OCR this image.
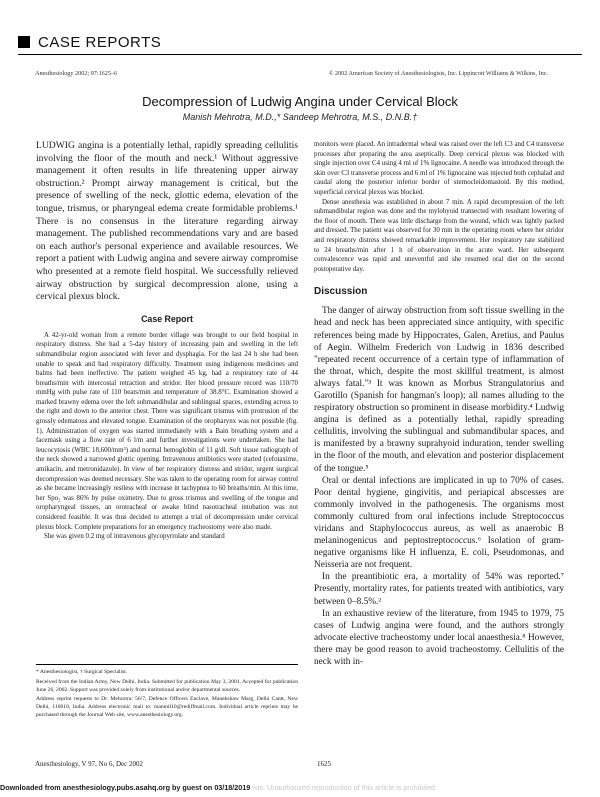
CASE REPORTS
Anesthesiology 2002; 97:1625–6	© 2002 American Society of Anesthesiologists, Inc. Lippincott Williams & Wilkins, Inc.
Decompression of Ludwig Angina under Cervical Block
Manish Mehrotra, M.D.,* Sandeep Mehrotra, M.S., D.N.B.†

LUDWIG angina is a potentially lethal, rapidly spreading cellulitis involving the floor of the mouth and neck.¹ Without aggressive management it often results in life threatening upper airway obstruction.² Prompt airway management is critical, but the presence of swelling of the neck, glottic edema, elevation of the tongue, trismus, or pharyngeal edema create formidable problems.¹ There is no consensus in the literature regarding airway management. The published recommendations vary and are based on each author's personal experience and available resources. We report a patient with Ludwig angina and severe airway compromise who presented at a remote field hospital. We successfully relieved airway obstruction by surgical decompression alone, using a cervical plexus block.

Case Report

A 42-yr-old woman from a remote border village was brought to our field hospital in respiratory distress. She had a 5-day history of increasing pain and swelling in the left submandibular region associated with fever and dysphagia. For the last 24 h she had been unable to speak and had respiratory difficulty. Treatment using indigenous medicines and balms had been ineffective. The patient weighed 45 kg, had a respiratory rate of 44 breaths/min with intercostal retraction and stridor. Her blood pressure record was 110/70 mmHg with pulse rate of 110 beats/min and temperature of 38.8°C. Examination showed a marked brawny edema over the left submandibular and sublingual spaces, extending across to the right and down to the anterior chest. There was significant trismus with protrusion of the grossly edematous and elevated tongue. Examination of the oropharynx was not possible (fig. 1). Administration of oxygen was started immediately with a Bain breathing system and a facemask using a flow rate of 6 l/m and further investigations were undertaken. She had leucocytosis (WBC 18,600/mm³) and normal hemoglobin of 11 g/dl. Soft tissue radiograph of the neck showed a narrowed glottic opening. Intravenous antibiotics were started (cefotaxime, amikacin, and metronidazole). In view of her respiratory distress and stridor, urgent surgical decompression was deemed necessary. She was taken to the operating room for airway control as she became increasingly restless with increase in tachypnea to 60 breaths/min. At this time, her Spo₂ was 86% by pulse oximetry. Due to gross trismus and swelling of the tongue and oropharyngeal tissues, an orotracheal or awake blind nasotracheal intubation was not considered feasible. It was thus decided to attempt a trial of decompression under cervical plexus block. Complete preparations for an emergency tracheostomy were also made.

She was given 0.2 mg of intravenous glycopyrrolate and standard

monitors were placed. An intradermal wheal was raised over the left C3 and C4 transverse processes after preparing the area aseptically. Deep cervical plexus was blocked with single injection over C4 using 4 ml of 1% lignocaine. A needle was introduced through the skin over C3 transverse process and 6 ml of 1% lignocaine was injected both cephalad and caudal along the posterior inferior border of sternocleidomastoid. By this method, superficial cervical plexus was blocked.

Dense anesthesia was established in about 7 min. A rapid decompression of the left submandibular region was done and the mylohyoid transected with resultant lowering of the floor of mouth. There was little discharge from the wound, which was lightly packed and dressed. The patient was observed for 30 min in the operating room where her stridor and respiratory distress showed remarkable improvement. Her respiratory rate stabilized to 24 breaths/min after 1 h of observation in the acute ward. Her subsequent convalescence was rapid and uneventful and she resumed oral diet on the second postoperative day.

Discussion

The danger of airway obstruction from soft tissue swelling in the head and neck has been appreciated since antiquity, with specific references being made by Hippocrates, Galen, Aretius, and Paulus of Aegin. Wilhelm Frederich von Ludwig in 1836 described "repeated recent occurrence of a certain type of inflammation of the throat, which, despite the most skillful treatment, is almost always fatal."³ It was known as Morbus Strangulatorius and Garotillo (Spanish for hangman's loop); all names alluding to the respiratory obstruction so prominent in disease morbidity.⁴ Ludwig angina is defined as a potentially lethal, rapidly spreading cellulitis, involving the sublingual and submandibular spaces, and is manifested by a brawny suprahyoid induration, tender swelling in the floor of the mouth, and elevation and posterior displacement of the tongue.⁵

Oral or dental infections are implicated in up to 70% of cases. Poor dental hygiene, gingivitis, and periapical abscesses are commonly involved in the pathogenesis. The organisms most commonly cultured from oral infections include Streptococcus viridans and Staphylococcus aureus, as well as anaerobic B melaninogenicus and peptostreptococcus.⁶ Isolation of gram-negative organisms like H influenza, E. coli, Pseudomonas, and Neisseria are not frequent.

In the preantibiotic era, a mortality of 54% was reported.⁷ Presently, mortality rates, for patients treated with antibiotics, vary between 0–8.5%.²

In an exhaustive review of the literature, from 1945 to 1979, 75 cases of Ludwig angina were found, and the authors strongly advocate elective tracheostomy under local anaesthesia.⁸ However, there may be good reason to avoid tracheostomy. Cellulitis of the neck with in-

* Anesthesiologist, † Surgical Specialist.

Received from the Indian Army, New Delhi, India. Submitted for publication May 3, 2001. Accepted for publication June 26, 2002. Support was provided solely from institutional and/or departmental sources.

Address reprint requests to Dr. Mehrotra: 56/7, Defence Officers Enclave, Manekshaw Marg, Delhi Cantt, New Delhi, 110010, India. Address electronic mail to: manmil10@rediffmail.com. Individual article reprints may be purchased through the Journal Web site, www.anesthesiology.org.

Anesthesiology, V 97, No 6, Dec 2002	1625
Downloaded from anesthesiology.pubs.asahq.org by guest on 03/18/2019 ists. Unauthorized reproduction of this article is prohibited.
